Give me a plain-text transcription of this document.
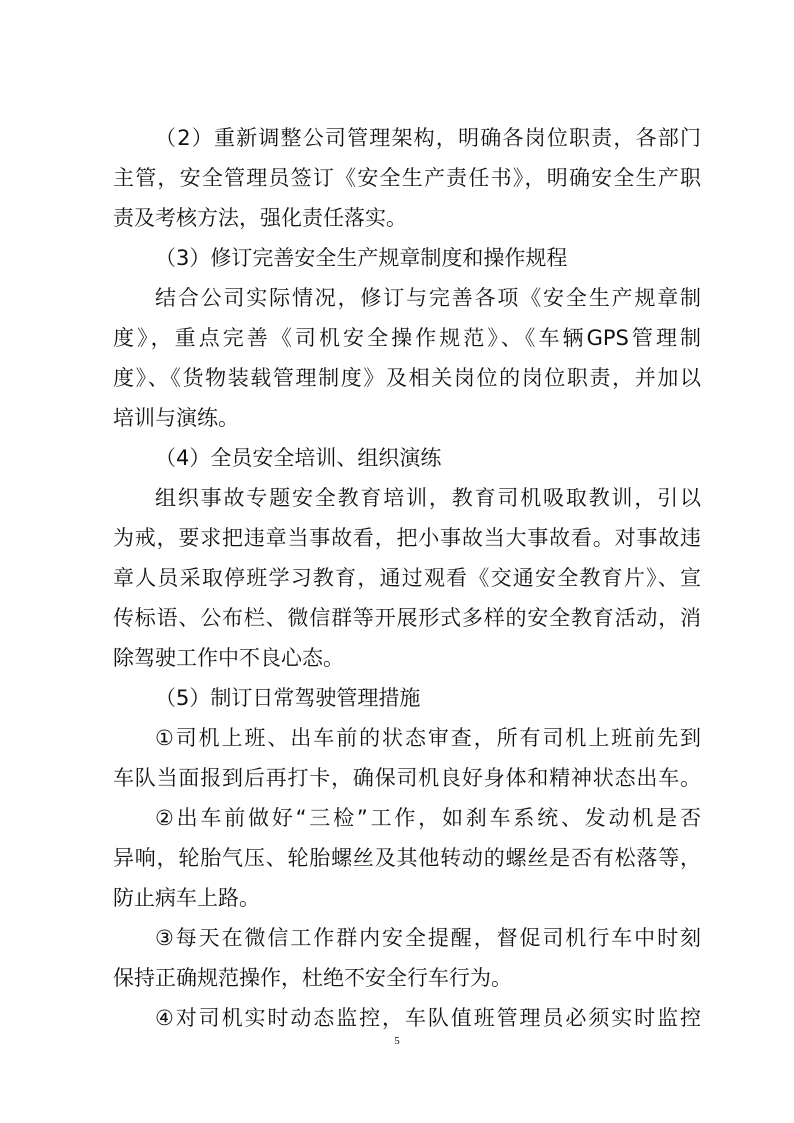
（2）重新调整公司管理架构，明确各岗位职责，各部门
主管，安全管理员签订《安全生产责任书》，明确安全生产职
责及考核方法，强化责任落实。
（3）修订完善安全生产规章制度和操作规程
结合公司实际情况，修订与完善各项《安全生产规章制
度》，重点完善《司机安全操作规范》、《车辆GPS管理制
度》、《货物装载管理制度》及相关岗位的岗位职责，并加以
培训与演练。
（4）全员安全培训、组织演练
组织事故专题安全教育培训，教育司机吸取教训，引以
为戒，要求把违章当事故看，把小事故当大事故看。对事故违
章人员采取停班学习教育，通过观看《交通安全教育片》、宣
传标语、公布栏、微信群等开展形式多样的安全教育活动，消
除驾驶工作中不良心态。
（5）制订日常驾驶管理措施
①司机上班、出车前的状态审查，所有司机上班前先到
车队当面报到后再打卡，确保司机良好身体和精神状态出车。
②出车前做好“三检”工作，如刹车系统、发动机是否
异响，轮胎气压、轮胎螺丝及其他转动的螺丝是否有松落等，
防止病车上路。
③每天在微信工作群内安全提醒，督促司机行车中时刻
保持正确规范操作，杜绝不安全行车行为。
④对司机实时动态监控，车队值班管理员必须实时监控
5
